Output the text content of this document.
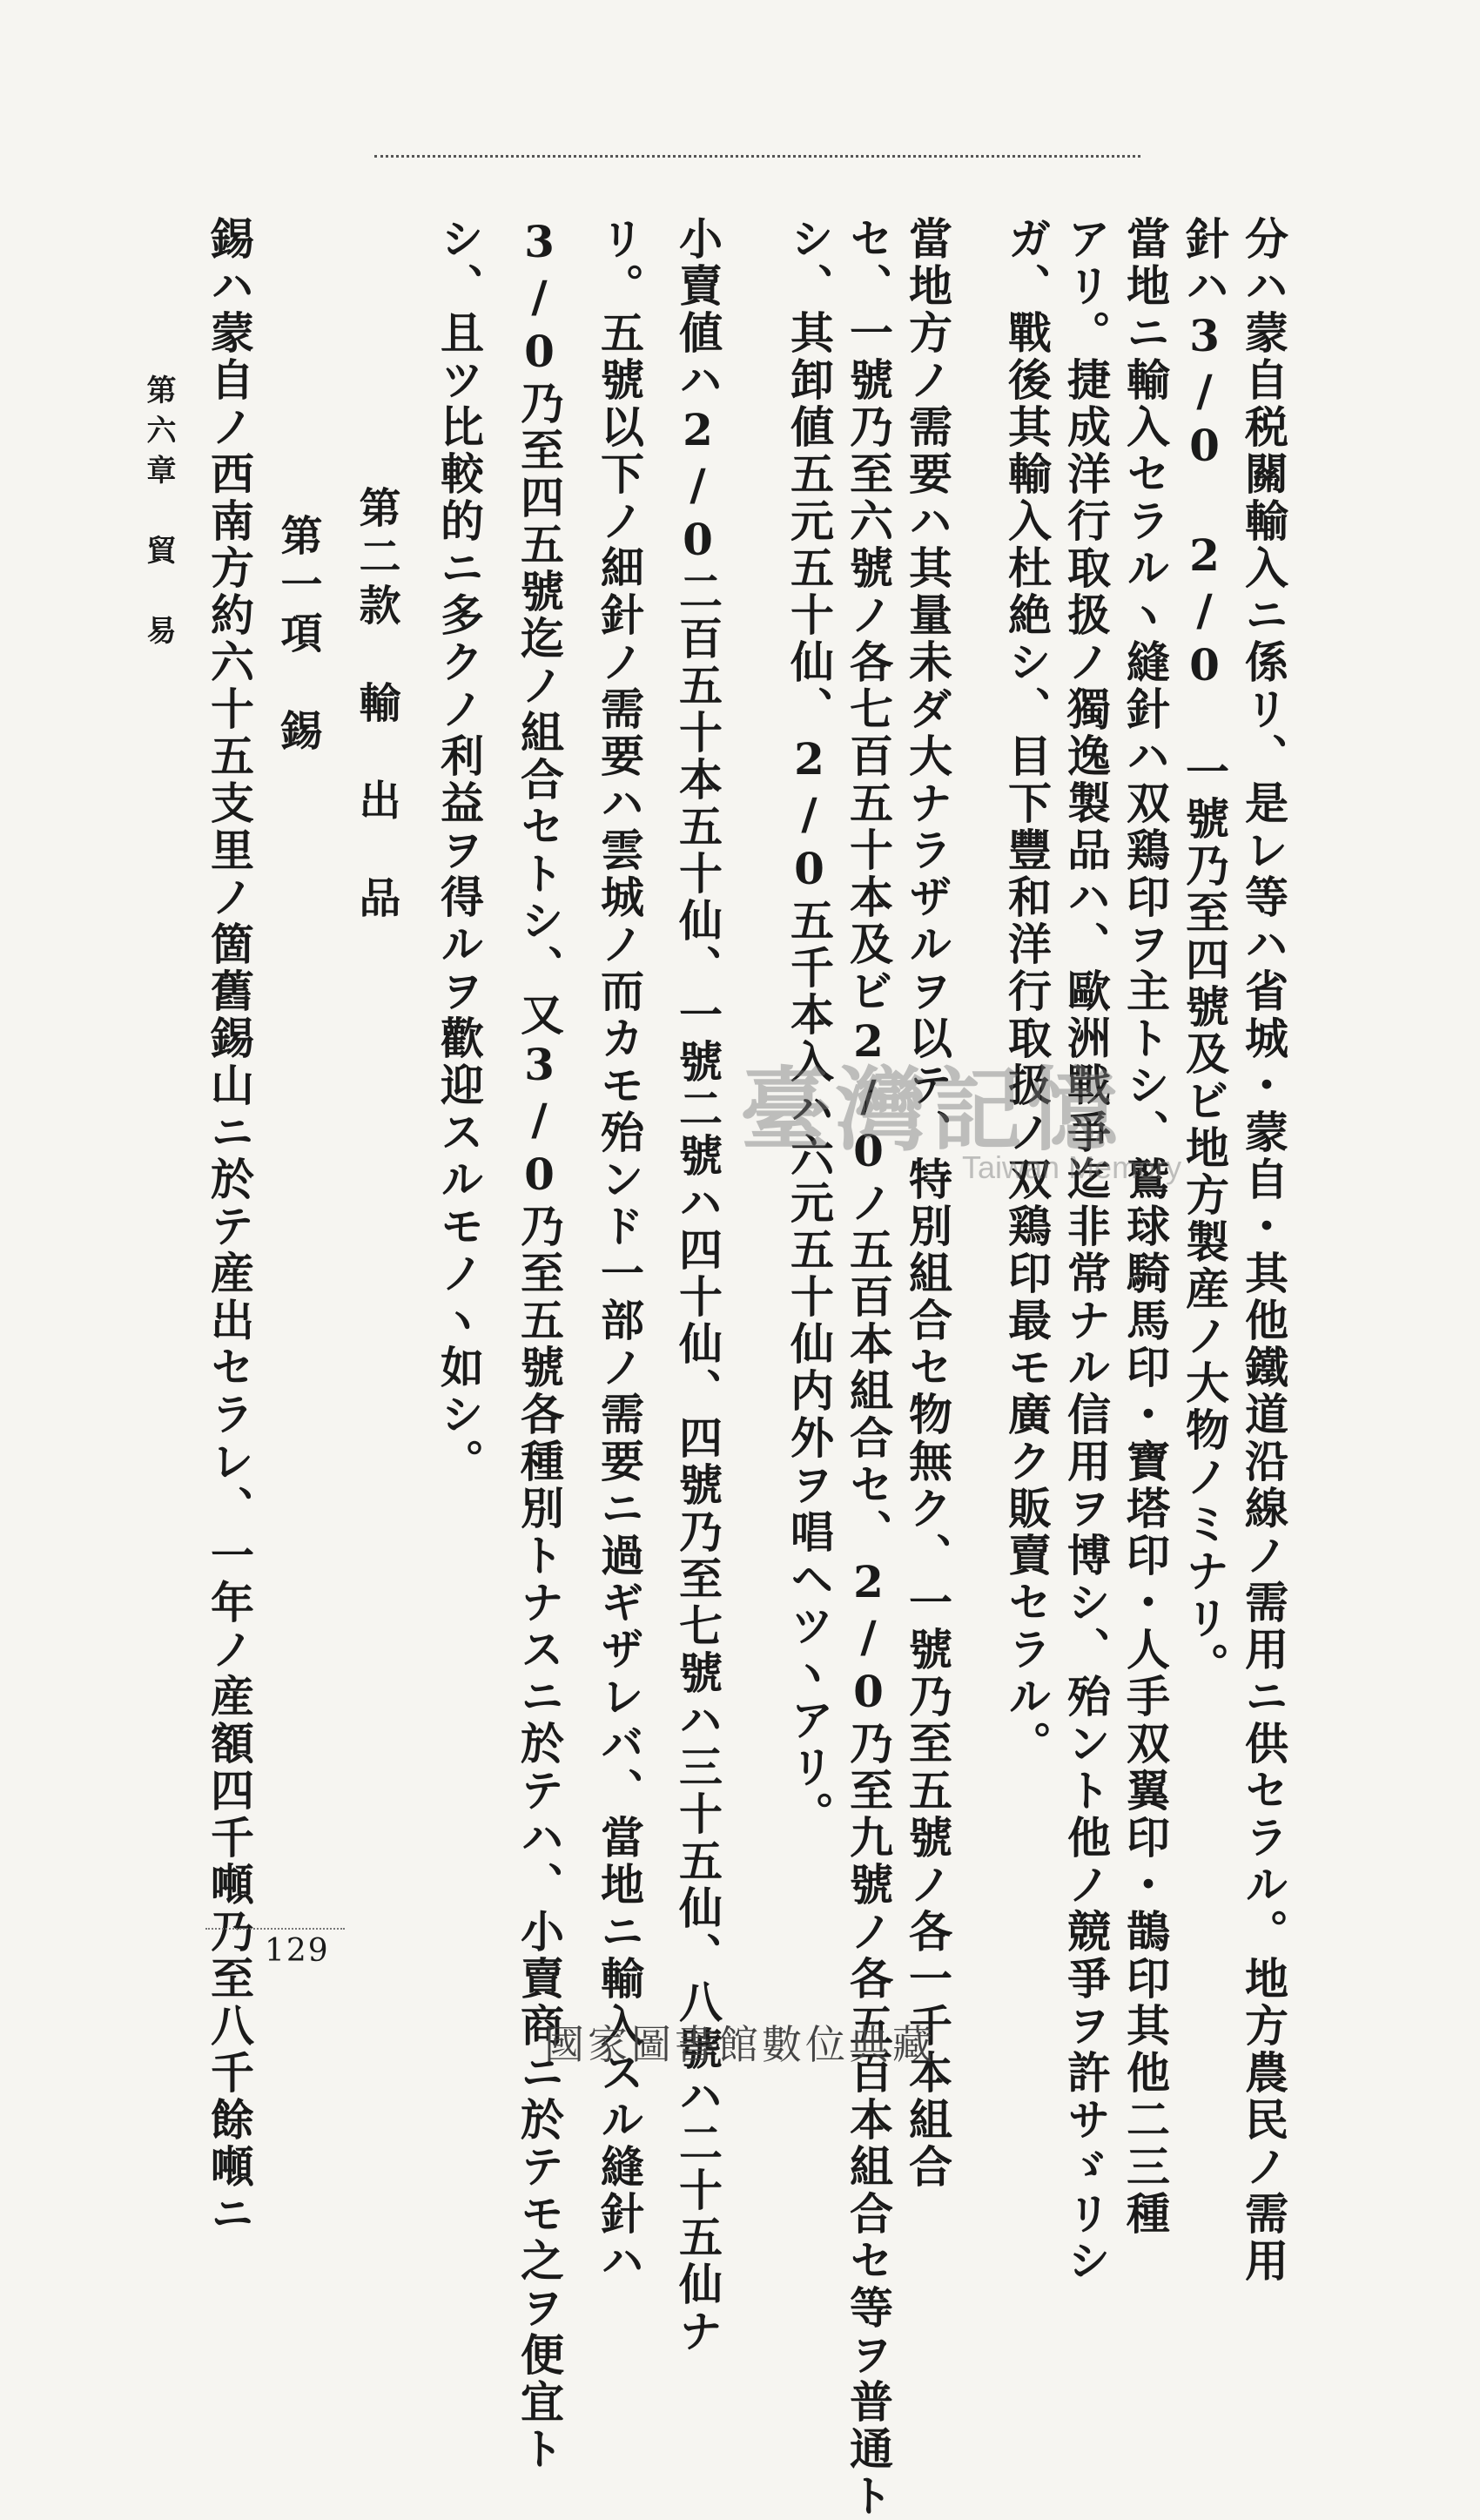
分ハ蒙自税關輸入ニ係リ、是レ等ハ省城・蒙自・其他鐵道沿線ノ需用ニ供セラル。地方農民ノ需用
針ハ3/0 2/0 一號乃至四號及ビ地方製産ノ大物ノミナリ。
當地ニ輸入セラルヽ縫針ハ双鶏印ヲ主トシ、鷲球騎馬印・寶塔印・人手双翼印・鵲印其他二三種
アリ。捷成洋行取扱ノ獨逸製品ハ、歐洲戰爭迄非常ナル信用ヲ博シ、殆ント他ノ競爭ヲ許サゞリシ
ガ、戰後其輸入杜絶シ、目下豐和洋行取扱ノ双鶏印最モ廣ク販賣セラル。
當地方ノ需要ハ其量未ダ大ナラザルヲ以テ、特別組合セ物無ク、一號乃至五號ノ各一千本組合
セ、一號乃至六號ノ各七百五十本及ビ2/0ノ五百本組合セ、2/0乃至九號ノ各五百本組合セ等ヲ普通ト
シ、其卸値五元五十仙、2/0五千本入ハ六元五十仙内外ヲ唱ヘツヽアリ。
小賣値ハ2/0二百五十本五十仙、一號二號ハ四十仙、四號乃至七號ハ三十五仙、八號ハ二十五仙ナ
リ。五號以下ノ細針ノ需要ハ雲城ノ而カモ殆ンド一部ノ需要ニ過ギザレバ、當地ニ輸入スル縫針ハ
3/0乃至四五號迄ノ組合セトシ、又3/0乃至五號各種別トナスニ於テハ、小賣商ニ於テモ之ヲ便宜ト
シ、且ツ比較的ニ多クノ利益ヲ得ルヲ歡迎スルモノヽ如シ。
第二款　輸　出　品
第一項　錫
錫ハ蒙自ノ西南方約六十五支里ノ箇舊錫山ニ於テ産出セラレ、一年ノ産額四千噸乃至八千餘噸ニ
第六章　貿　易
129
臺灣記憶
Taiwan Memory
國家圖書館數位典藏
